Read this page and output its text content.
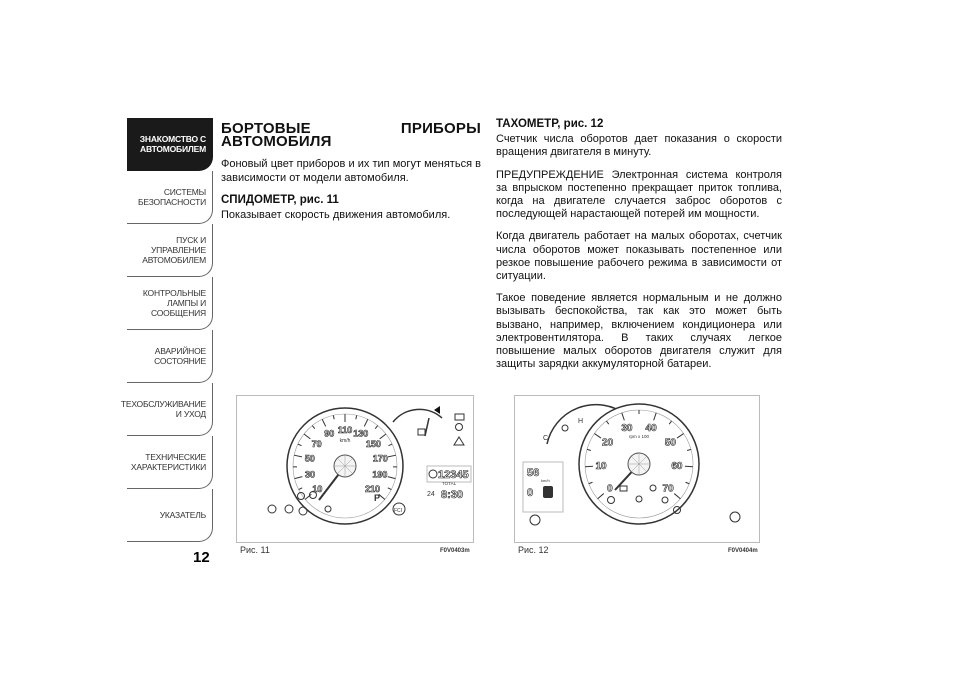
ЗНАКОМСТВО С
АВТОМОБИЛЕМ
СИСТЕМЫ
БЕЗОПАСНОСТИ
ПУСК И УПРАВЛЕНИЕ
АВТОМОБИЛЕМ
КОНТРОЛЬНЫЕ
ЛАМПЫ И
СООБЩЕНИЯ
АВАРИЙНОЕ
СОСТОЯНИЕ
ТЕХОБСЛУЖИВАНИЕ
И УХОД
ТЕХНИЧЕСКИЕ
ХАРАКТЕРИСТИКИ
УКАЗАТЕЛЬ
12
БОРТОВЫЕ ПРИБОРЫ АВТОМОБИЛЯ

Фоновый цвет приборов и их тип могут меняться в зависимости от модели автомобиля.

СПИДОМЕТР, рис. 11

Показывает скорость движения автомобиля.

ТАХОМЕТР, рис. 12

Счетчик числа оборотов дает показания о скорости вращения двигателя в минуту.

ПРЕДУПРЕЖДЕНИЕ Электронная система контроля за впрыском постепенно прекращает приток топлива, когда на двигателе случается заброс оборотов с последующей нарастающей потерей им мощности.

Когда двигатель работает на малых оборотах, счетчик числа оборотов может показывать постепенное или резкое повышение рабочего режима в зависимости от ситуации.

Такое поведение является нормальным и не должно вызывать беспокойства, так как это может быть вызвано, например, включением кондиционера или электровентилятора. В таких случаях легкое повышение малых оборотов двигателя служит для защиты зарядки аккумуляторной батареи.

10
30
50
70
90 110 130
150
170
190
210
km/h
P
FCI
12345
TOTAL
24 8:30
Рис. 11	F0V0403m
C
H
0
10
20
30 40
50
60
70
rpm x 100
56
km/h
0
Рис. 12	F0V0404m
